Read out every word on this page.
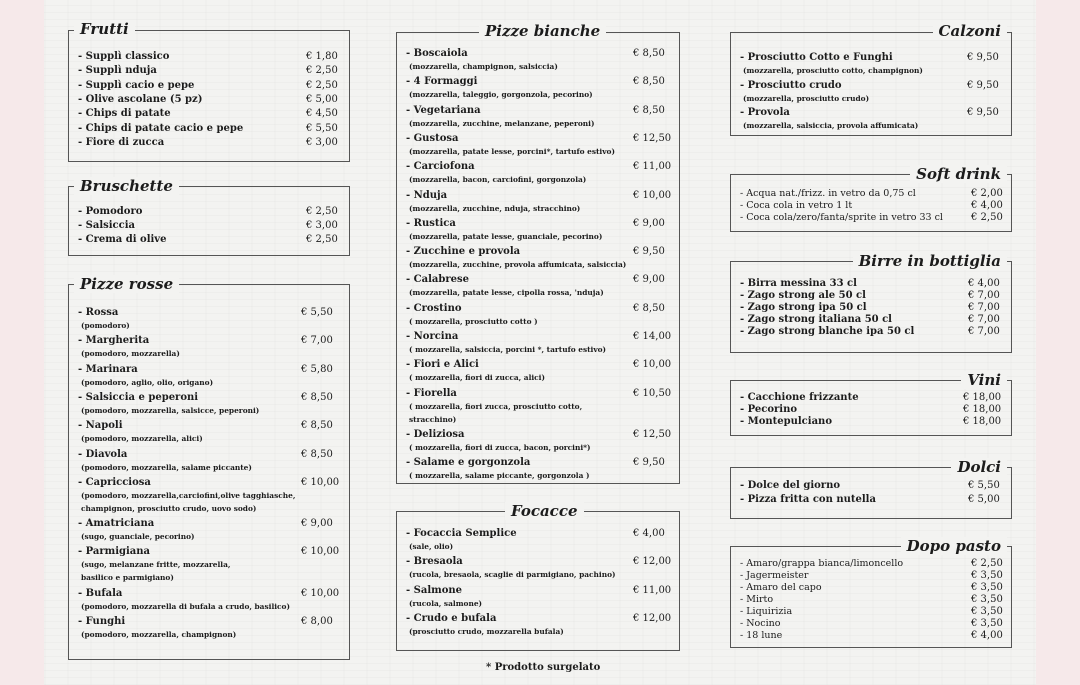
Frutti
- Supplì classico	€ 1,80
- Supplì nduja	€ 2,50
- Supplì cacio e pepe	€ 2,50
- Olive ascolane (5 pz)	€ 5,00
- Chips di patate	€ 4,50
- Chips di patate cacio e pepe	€ 5,50
- Fiore di zucca	€ 3,00
Bruschette
- Pomodoro	€ 2,50
- Salsiccia	€ 3,00
- Crema di olive	€ 2,50
Pizze rosse
- Rossa	€ 5,50
(pomodoro)
- Margherita	€ 7,00
(pomodoro, mozzarella)
- Marinara	€ 5,80
(pomodoro, aglio, olio, origano)
- Salsiccia e peperoni	€ 8,50
(pomodoro, mozzarella, salsicce, peperoni)
- Napoli	€ 8,50
(pomodoro, mozzarella, alici)
- Diavola	€ 8,50
(pomodoro, mozzarella, salame piccante)
- Capricciosa	€ 10,00
(pomodoro, mozzarella,carciofini,olive tagghiasche,
champignon, prosciutto crudo, uovo sodo)
- Amatriciana	€ 9,00
(sugo, guanciale, pecorino)
- Parmigiana	€ 10,00
(sugo, melanzane fritte, mozzarella,
basilico e parmigiano)
- Bufala	€ 10,00
(pomodoro, mozzarella di bufala a crudo, basilico)
- Funghi	€ 8,00
(pomodoro, mozzarella, champignon)
Pizze bianche
- Boscaiola	€ 8,50
(mozzarella, champignon, salsiccia)
- 4 Formaggi	€ 8,50
(mozzarella, taleggio, gorgonzola, pecorino)
- Vegetariana	€ 8,50
(mozzarella, zucchine, melanzane, peperoni)
- Gustosa	€ 12,50
(mozzarella, patate lesse, porcini*, tartufo estivo)
- Carciofona	€ 11,00
(mozzarella, bacon, carciofini, gorgonzola)
- Nduja	€ 10,00
(mozzarella, zucchine, nduja, stracchino)
- Rustica	€ 9,00
(mozzarella, patate lesse, guanciale, pecorino)
- Zucchine e provola	€ 9,50
(mozzarella, zucchine, provola affumicata, salsiccia)
- Calabrese	€ 9,00
(mozzarella, patate lesse, cipolla rossa, 'nduja)
- Crostino	€ 8,50
( mozzarella, prosciutto cotto )
- Norcina	€ 14,00
( mozzarella, salsiccia, porcini *, tartufo estivo)
- Fiori e Alici	€ 10,00
( mozzarella, fiori di zucca, alici)
- Fiorella	€ 10,50
( mozzarella, fiori zucca, prosciutto cotto,
stracchino)
- Deliziosa	€ 12,50
( mozzarella, fiori di zucca, bacon, porcini*)
- Salame e gorgonzola	€ 9,50
( mozzarella, salame piccante, gorgonzola )
Focacce
- Focaccia Semplice	€ 4,00
(sale, olio)
- Bresaola	€ 12,00
(rucola, bresaola, scaglie di parmigiano, pachino)
- Salmone	€ 11,00
(rucola, salmone)
- Crudo e bufala	€ 12,00
(prosciutto crudo, mozzarella bufala)
Calzoni
- Prosciutto Cotto e Funghi	€ 9,50
(mozzarella, prosciutto cotto, champignon)
- Prosciutto crudo	€ 9,50
(mozzarella, prosciutto crudo)
- Provola	€ 9,50
(mozzarella, salsiccia, provola affumicata)
Soft drink
- Acqua nat./frizz. in vetro da 0,75 cl	€ 2,00
- Coca cola in vetro 1 lt	€ 4,00
- Coca cola/zero/fanta/sprite in vetro 33 cl	€ 2,50
Birre in bottiglia
- Birra messina 33 cl	€ 4,00
- Zago strong ale 50 cl	€ 7,00
- Zago strong ipa 50 cl	€ 7,00
- Zago strong italiana 50 cl	€ 7,00
- Zago strong blanche ipa 50 cl	€ 7,00
Vini
- Cacchione frizzante	€ 18,00
- Pecorino	€ 18,00
- Montepulciano	€ 18,00
Dolci
- Dolce del giorno	€ 5,50
- Pizza fritta con nutella	€ 5,00
Dopo pasto
- Amaro/grappa bianca/limoncello	€ 2,50
- Jagermeister	€ 3,50
- Amaro del capo	€ 3,50
- Mirto	€ 3,50
- Liquirizia	€ 3,50
- Nocino	€ 3,50
- 18 lune	€ 4,00
* Prodotto surgelato
